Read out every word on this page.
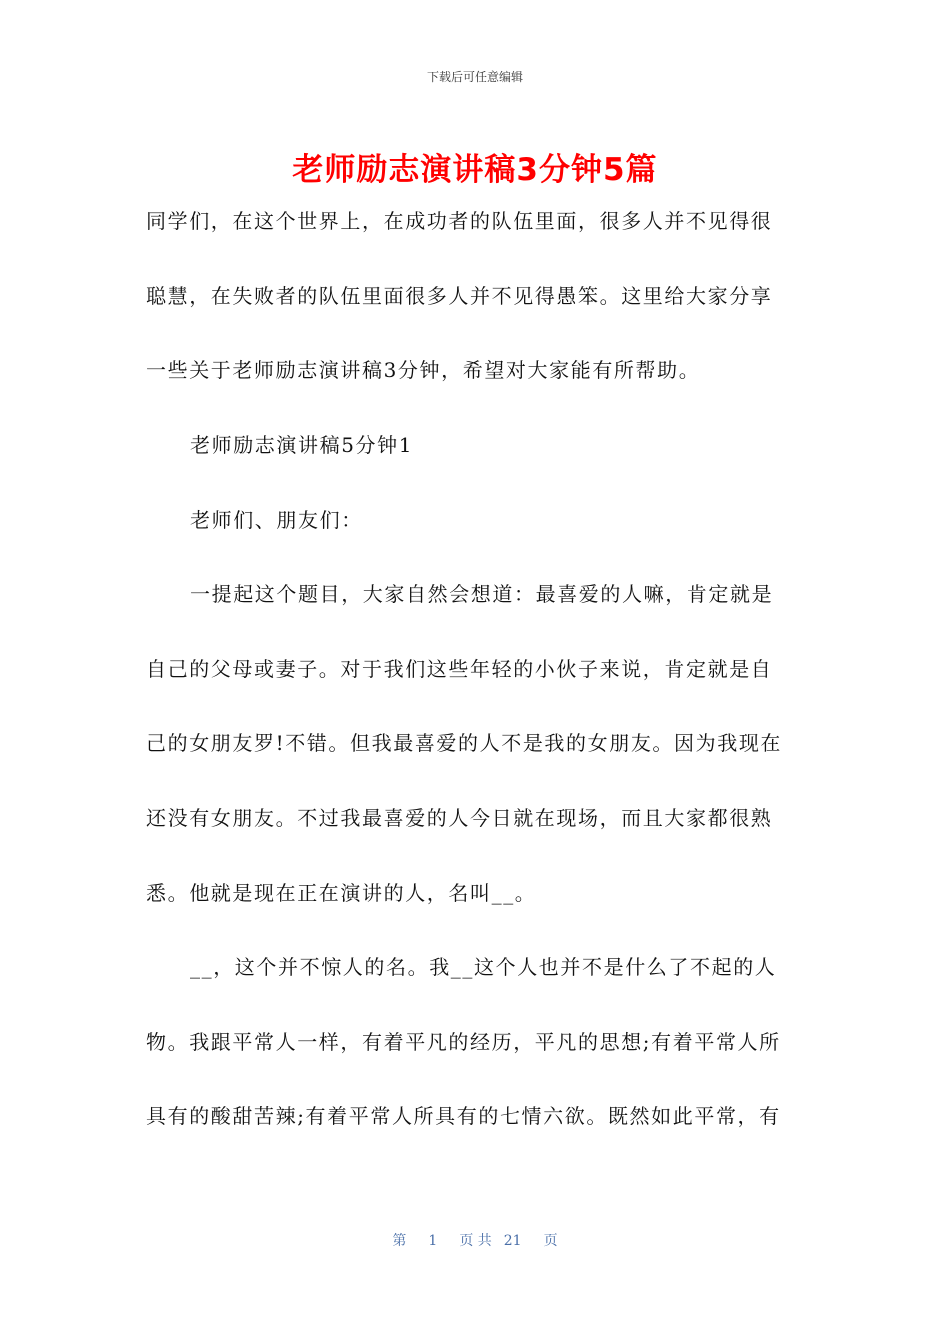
下载后可任意编辑
老师励志演讲稿3分钟5篇
同学们，在这个世界上，在成功者的队伍里面，很多人并不见得很
聪慧，在失败者的队伍里面很多人并不见得愚笨。这里给大家分享
一些关于老师励志演讲稿3分钟，希望对大家能有所帮助。
老师励志演讲稿5分钟1
老师们、朋友们：
一提起这个题目，大家自然会想道：最喜爱的人嘛，肯定就是
自己的父母或妻子。对于我们这些年轻的小伙子来说，肯定就是自
己的女朋友罗!不错。但我最喜爱的人不是我的女朋友。因为我现在
还没有女朋友。不过我最喜爱的人今日就在现场，而且大家都很熟
悉。他就是现在正在演讲的人，名叫__。
__，这个并不惊人的名。我__这个人也并不是什么了不起的人
物。我跟平常人一样，有着平凡的经历，平凡的思想;有着平常人所
具有的酸甜苦辣;有着平常人所具有的七情六欲。既然如此平常，有
第 1 页 共 21 页
